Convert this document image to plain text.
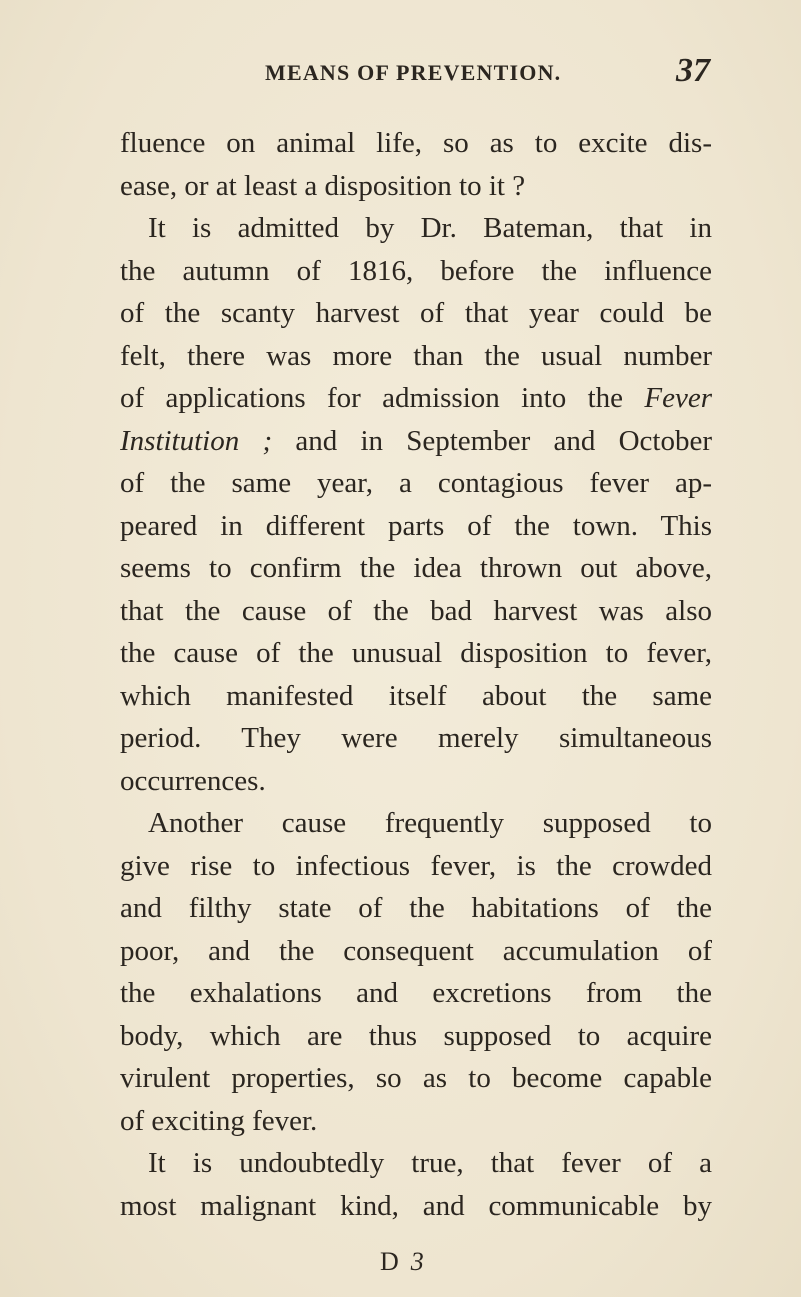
MEANS OF PREVENTION.	37
fluence on animal life, so as to excite dis-
ease, or at least a disposition to it ?
It is admitted by Dr. Bateman, that in
the autumn of 1816, before the influence
of the scanty harvest of that year could be
felt, there was more than the usual number
of applications for admission into the Fever
Institution ; and in September and October
of the same year, a contagious fever ap-
peared in different parts of the town. This
seems to confirm the idea thrown out above,
that the cause of the bad harvest was also
the cause of the unusual disposition to fever,
which manifested itself about the same
period. They were merely simultaneous
occurrences.
Another cause frequently supposed to
give rise to infectious fever, is the crowded
and filthy state of the habitations of the
poor, and the consequent accumulation of
the exhalations and excretions from the
body, which are thus supposed to acquire
virulent properties, so as to become capable
of exciting fever.
It is undoubtedly true, that fever of a
most malignant kind, and communicable by
D 3
